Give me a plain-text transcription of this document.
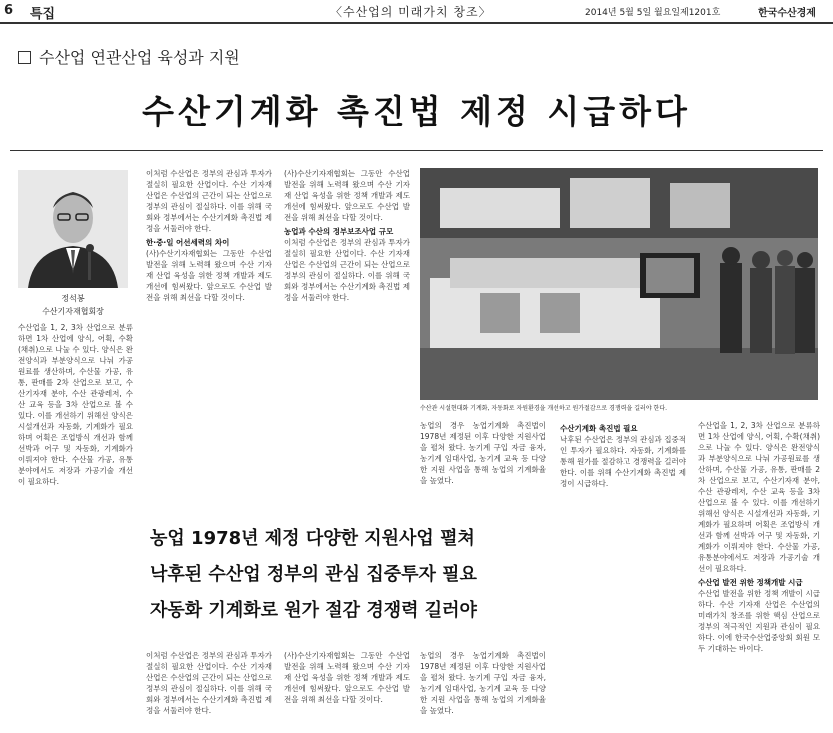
6 특집	〈수산업의 미래가치 창조〉	2014년 5월 5일 월요일 제1201호	한국수산경제
수산업 연관산업 육성과 지원
수산기계화 촉진법 제정 시급하다
정석봉
수산기자재협회장
수산관 시설현대화 기계화, 자동화로 자원환경을 개선하고 원가절감으로 경쟁력을 길러야 한다.

수산업을 1, 2, 3차 산업으로 분류하면 1차 산업에 양식, 어획, 수확(채취)으로 나눌 수 있다. 양식은 완전양식과 부분양식으로 나눠 가공원료를 생산하며, 수산물 가공, 유통, 판매를 2차 산업으로 보고, 수산기자재 분야, 수산 관광레저, 수산 교육 등을 3차 산업으로 볼 수 있다. 이를 개선하기 위해선 양식은 시설개선과 자동화, 기계화가 필요하며 어획은 조업방식 개선과 함께 선박과 어구 및 자동화, 기계화가 이뤄져야 한다. 수산물 가공, 유통분야에서도 저장과 가공기술 개선이 필요하다.

이처럼 수산업은 정부의 관심과 투자가 절실히 필요한 산업이다. 수산 기자재 산업은 수산업의 근간이 되는 산업으로 정부의 관심이 절실하다. 이를 위해 국회와 정부에서는 수산기계화 촉진법 제정을 서둘러야 한다.

한·중·일 어선세력의 차이

(사)수산기자재협회는 그동안 수산업 발전을 위해 노력해 왔으며 수산 기자재 산업 육성을 위한 정책 개발과 제도 개선에 힘써왔다. 앞으로도 수산업 발전을 위해 최선을 다할 것이다.

(사)수산기자재협회는 그동안 수산업 발전을 위해 노력해 왔으며 수산 기자재 산업 육성을 위한 정책 개발과 제도 개선에 힘써왔다. 앞으로도 수산업 발전을 위해 최선을 다할 것이다.

농업과 수산의 정부보조사업 규모

이처럼 수산업은 정부의 관심과 투자가 절실히 필요한 산업이다. 수산 기자재 산업은 수산업의 근간이 되는 산업으로 정부의 관심이 절실하다. 이를 위해 국회와 정부에서는 수산기계화 촉진법 제정을 서둘러야 한다.

농업의 경우 농업기계화 촉진법이 1978년 제정된 이후 다양한 지원사업을 펼쳐 왔다. 농기계 구입 자금 융자, 농기계 임대사업, 농기계 교육 등 다양한 지원 사업을 통해 농업의 기계화율을 높였다.

수산기계화 촉진법 필요

낙후된 수산업은 정부의 관심과 집중적인 투자가 필요하다. 자동화, 기계화를 통해 원가를 절감하고 경쟁력을 길러야 한다. 이를 위해 수산기계화 촉진법 제정이 시급하다.

수산업을 1, 2, 3차 산업으로 분류하면 1차 산업에 양식, 어획, 수확(채취)으로 나눌 수 있다. 양식은 완전양식과 부분양식으로 나눠 가공원료를 생산하며, 수산물 가공, 유통, 판매를 2차 산업으로 보고, 수산기자재 분야, 수산 관광레저, 수산 교육 등을 3차 산업으로 볼 수 있다. 이를 개선하기 위해선 양식은 시설개선과 자동화, 기계화가 필요하며 어획은 조업방식 개선과 함께 선박과 어구 및 자동화, 기계화가 이뤄져야 한다. 수산물 가공, 유통분야에서도 저장과 가공기술 개선이 필요하다.

수산업 발전 위한 정책개발 시급

수산업 발전을 위한 정책 개발이 시급하다. 수산 기자재 산업은 수산업의 미래가치 창조를 위한 핵심 산업으로 정부의 적극적인 지원과 관심이 필요하다. 이에 한국수산업중앙회 회원 모두 기대하는 바이다.

이처럼 수산업은 정부의 관심과 투자가 절실히 필요한 산업이다. 수산 기자재 산업은 수산업의 근간이 되는 산업으로 정부의 관심이 절실하다. 이를 위해 국회와 정부에서는 수산기계화 촉진법 제정을 서둘러야 한다.

(사)수산기자재협회는 그동안 수산업 발전을 위해 노력해 왔으며 수산 기자재 산업 육성을 위한 정책 개발과 제도 개선에 힘써왔다. 앞으로도 수산업 발전을 위해 최선을 다할 것이다.

농업의 경우 농업기계화 촉진법이 1978년 제정된 이후 다양한 지원사업을 펼쳐 왔다. 농기계 구입 자금 융자, 농기계 임대사업, 농기계 교육 등 다양한 지원 사업을 통해 농업의 기계화율을 높였다.

농업 1978년 제정 다양한 지원사업 펼쳐
낙후된 수산업 정부의 관심 집중투자 필요
자동화 기계화로 원가 절감 경쟁력 길러야
